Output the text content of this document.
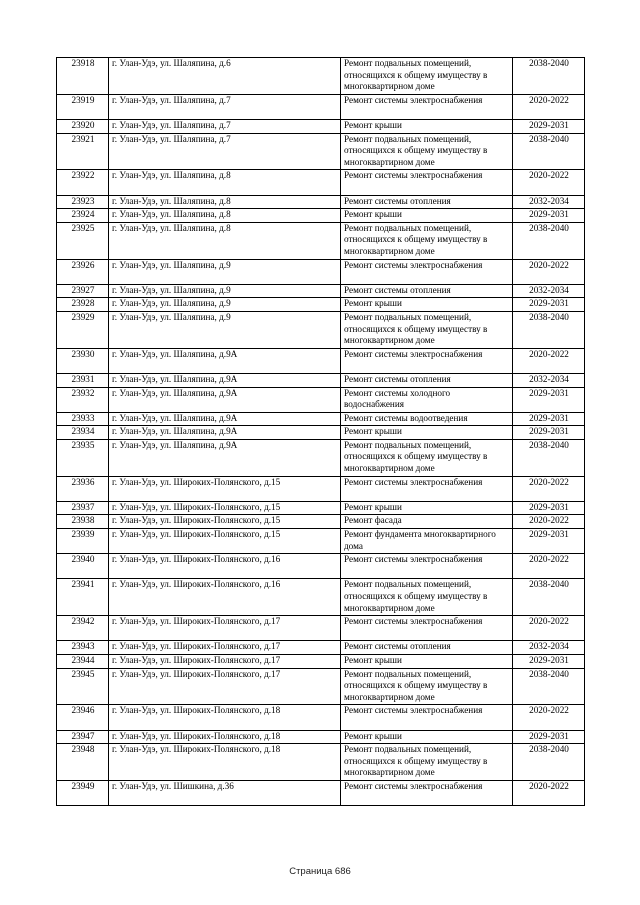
23918	г. Улан-Удэ, ул. Шаляпина, д.6	Ремонт подвальных помещений, относящихся к общему имуществу в многоквартирном доме	2038-2040
23919	г. Улан-Удэ, ул. Шаляпина, д.7	Ремонт системы электроснабжения	2020-2022
23920	г. Улан-Удэ, ул. Шаляпина, д.7	Ремонт крыши	2029-2031
23921	г. Улан-Удэ, ул. Шаляпина, д.7	Ремонт подвальных помещений, относящихся к общему имуществу в многоквартирном доме	2038-2040
23922	г. Улан-Удэ, ул. Шаляпина, д.8	Ремонт системы электроснабжения	2020-2022
23923	г. Улан-Удэ, ул. Шаляпина, д.8	Ремонт системы отопления	2032-2034
23924	г. Улан-Удэ, ул. Шаляпина, д.8	Ремонт крыши	2029-2031
23925	г. Улан-Удэ, ул. Шаляпина, д.8	Ремонт подвальных помещений, относящихся к общему имуществу в многоквартирном доме	2038-2040
23926	г. Улан-Удэ, ул. Шаляпина, д.9	Ремонт системы электроснабжения	2020-2022
23927	г. Улан-Удэ, ул. Шаляпина, д.9	Ремонт системы отопления	2032-2034
23928	г. Улан-Удэ, ул. Шаляпина, д.9	Ремонт крыши	2029-2031
23929	г. Улан-Удэ, ул. Шаляпина, д.9	Ремонт подвальных помещений, относящихся к общему имуществу в многоквартирном доме	2038-2040
23930	г. Улан-Удэ, ул. Шаляпина, д.9А	Ремонт системы электроснабжения	2020-2022
23931	г. Улан-Удэ, ул. Шаляпина, д.9А	Ремонт системы отопления	2032-2034
23932	г. Улан-Удэ, ул. Шаляпина, д.9А	Ремонт системы холодного водоснабжения	2029-2031
23933	г. Улан-Удэ, ул. Шаляпина, д.9А	Ремонт системы водоотведения	2029-2031
23934	г. Улан-Удэ, ул. Шаляпина, д.9А	Ремонт крыши	2029-2031
23935	г. Улан-Удэ, ул. Шаляпина, д.9А	Ремонт подвальных помещений, относящихся к общему имуществу в многоквартирном доме	2038-2040
23936	г. Улан-Удэ, ул. Широких-Полянского, д.15	Ремонт системы электроснабжения	2020-2022
23937	г. Улан-Удэ, ул. Широких-Полянского, д.15	Ремонт крыши	2029-2031
23938	г. Улан-Удэ, ул. Широких-Полянского, д.15	Ремонт фасада	2020-2022
23939	г. Улан-Удэ, ул. Широких-Полянского, д.15	Ремонт фундамента многоквартирного дома	2029-2031
23940	г. Улан-Удэ, ул. Широких-Полянского, д.16	Ремонт системы электроснабжения	2020-2022
23941	г. Улан-Удэ, ул. Широких-Полянского, д.16	Ремонт подвальных помещений, относящихся к общему имуществу в многоквартирном доме	2038-2040
23942	г. Улан-Удэ, ул. Широких-Полянского, д.17	Ремонт системы электроснабжения	2020-2022
23943	г. Улан-Удэ, ул. Широких-Полянского, д.17	Ремонт системы отопления	2032-2034
23944	г. Улан-Удэ, ул. Широких-Полянского, д.17	Ремонт крыши	2029-2031
23945	г. Улан-Удэ, ул. Широких-Полянского, д.17	Ремонт подвальных помещений, относящихся к общему имуществу в многоквартирном доме	2038-2040
23946	г. Улан-Удэ, ул. Широких-Полянского, д.18	Ремонт системы электроснабжения	2020-2022
23947	г. Улан-Удэ, ул. Широких-Полянского, д.18	Ремонт крыши	2029-2031
23948	г. Улан-Удэ, ул. Широких-Полянского, д.18	Ремонт подвальных помещений, относящихся к общему имуществу в многоквартирном доме	2038-2040
23949	г. Улан-Удэ, ул. Шишкина, д.36	Ремонт системы электроснабжения	2020-2022
Страница 686
